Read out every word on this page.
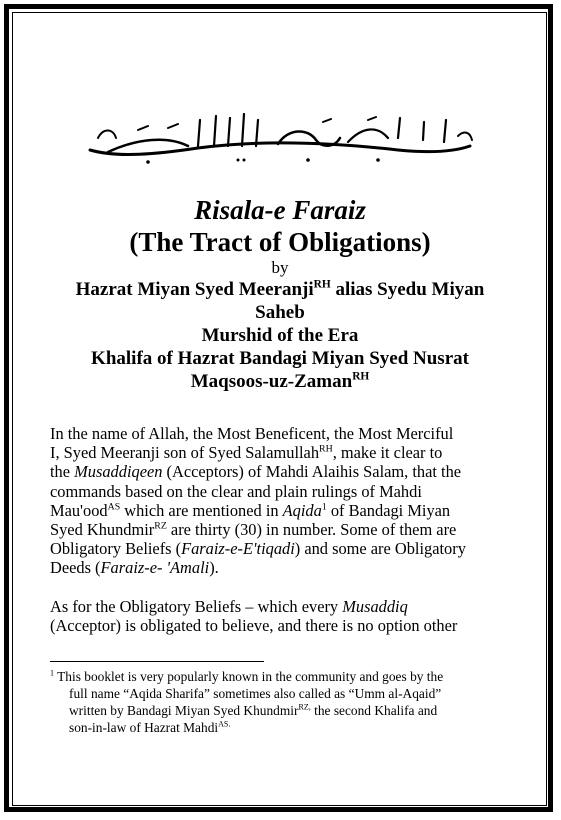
Risala-e Faraiz
(The Tract of Obligations)
by
Hazrat Miyan Syed Meeranji$^{RH}$ alias Syedu Miyan
Saheb
Murshid of the Era
Khalifa of Hazrat Bandagi Miyan Syed Nusrat
Maqsoos-uz-Zaman$^{RH}$

In the name of Allah, the Most Beneficent, the Most Merciful
I, Syed Meeranji son of Syed Salamullah$^{RH}$, make it clear to
the Musaddiqeen (Acceptors) of Mahdi Alaihis Salam, that the
commands based on the clear and plain rulings of Mahdi
Mau'ood$^{AS}$ which are mentioned in Aqida$^1$ of Bandagi Miyan
Syed Khundmir$^{RZ}$ are thirty (30) in number. Some of them are
Obligatory Beliefs (Faraiz-e-E'tiqadi) and some are Obligatory
Deeds (Faraiz-e- 'Amali).

As for the Obligatory Beliefs – which every Musaddiq
(Acceptor) is obligated to believe, and there is no option other

$^1$ This booklet is very popularly known in the community and goes by the
full name “Aqida Sharifa” sometimes also called as “Umm al-Aqaid”
written by Bandagi Miyan Syed Khundmir$^{RZ,}$ the second Khalifa and
son-in-law of Hazrat Mahdi$^{AS.}$
